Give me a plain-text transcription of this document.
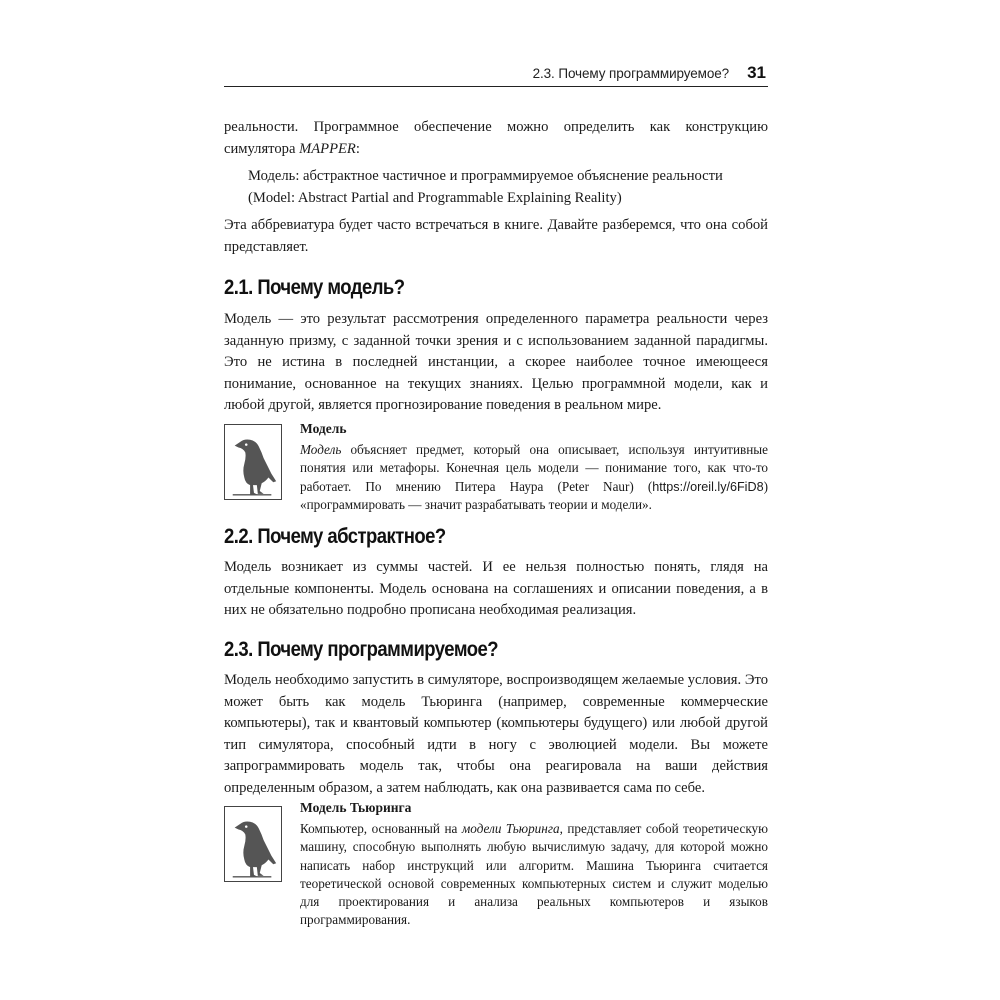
2.3. Почему программируемое? 31

реальности. Программное обеспечение можно определить как конструкцию симулятора MAPPER:

Модель: абстрактное частичное и программируемое объяснение реальности
(Model: Abstract Partial and Programmable Explaining Reality)

Эта аббревиатура будет часто встречаться в книге. Давайте разберемся, что она собой представляет.

2.1. Почему модель?

Модель — это результат рассмотрения определенного параметра реальности через заданную призму, с заданной точки зрения и с использованием заданной парадигмы. Это не истина в последней инстанции, а скорее наиболее точное имеющееся понимание, основанное на текущих знаниях. Целью программной модели, как и любой другой, является прогнозирование поведения в реальном мире.

Модель

Модель объясняет предмет, который она описывает, используя интуитивные понятия или метафоры. Конечная цель модели — понимание того, как что-то работает. По мнению Питера Наура (Peter Naur) (https://oreil.ly/6FiD8) «программировать — значит разрабатывать теории и модели».

2.2. Почему абстрактное?

Модель возникает из суммы частей. И ее нельзя полностью понять, глядя на отдельные компоненты. Модель основана на соглашениях и описании поведения, а в них не обязательно подробно прописана необходимая реализация.

2.3. Почему программируемое?

Модель необходимо запустить в симуляторе, воспроизводящем желаемые условия. Это может быть как модель Тьюринга (например, современные коммерческие компьютеры), так и квантовый компьютер (компьютеры будущего) или любой другой тип симулятора, способный идти в ногу с эволюцией модели. Вы можете запрограммировать модель так, чтобы она реагировала на ваши действия определенным образом, а затем наблюдать, как она развивается сама по себе.

Модель Тьюринга

Компьютер, основанный на модели Тьюринга, представляет собой теоретическую машину, способную выполнять любую вычислимую задачу, для которой можно написать набор инструкций или алгоритм. Машина Тьюринга считается теоретической основой современных компьютерных систем и служит моделью для проектирования и анализа реальных компьютеров и языков программирования.
